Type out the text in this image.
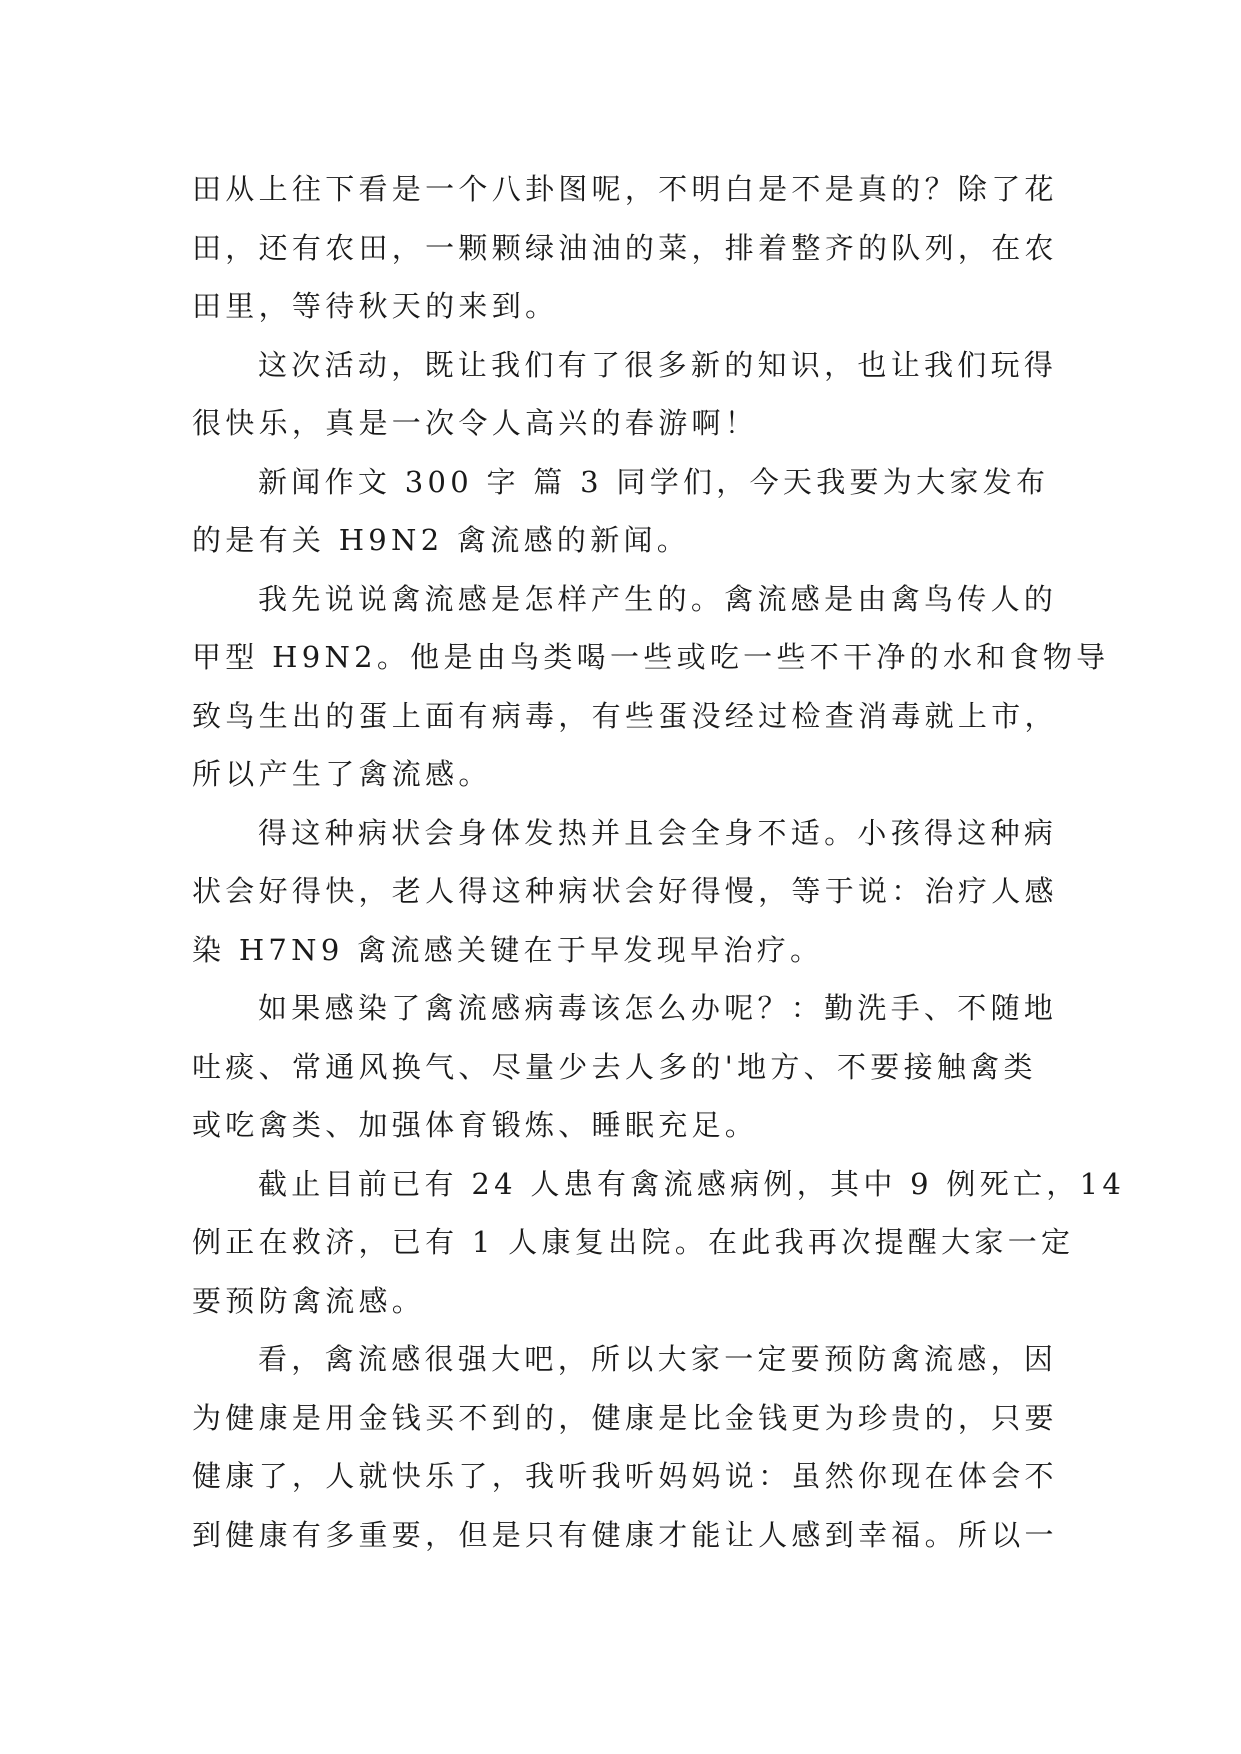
田从上往下看是一个八卦图呢，不明白是不是真的？除了花
田，还有农田，一颗颗绿油油的菜，排着整齐的队列，在农
田里，等待秋天的来到。
这次活动，既让我们有了很多新的知识，也让我们玩得
很快乐，真是一次令人高兴的春游啊！
新闻作文 300 字 篇 3 同学们，今天我要为大家发布
的是有关 H9N2 禽流感的新闻。
我先说说禽流感是怎样产生的。禽流感是由禽鸟传人的
甲型 H9N2。他是由鸟类喝一些或吃一些不干净的水和食物导
致鸟生出的蛋上面有病毒，有些蛋没经过检查消毒就上市，
所以产生了禽流感。
得这种病状会身体发热并且会全身不适。小孩得这种病
状会好得快，老人得这种病状会好得慢，等于说：治疗人感
染 H7N9 禽流感关键在于早发现早治疗。
如果感染了禽流感病毒该怎么办呢？：勤洗手、不随地
吐痰、常通风换气、尽量少去人多的'地方、不要接触禽类
或吃禽类、加强体育锻炼、睡眠充足。
截止目前已有 24 人患有禽流感病例，其中 9 例死亡，14
例正在救济，已有 1 人康复出院。在此我再次提醒大家一定
要预防禽流感。
看，禽流感很强大吧，所以大家一定要预防禽流感，因
为健康是用金钱买不到的，健康是比金钱更为珍贵的，只要
健康了，人就快乐了，我听我听妈妈说：虽然你现在体会不
到健康有多重要，但是只有健康才能让人感到幸福。所以一
